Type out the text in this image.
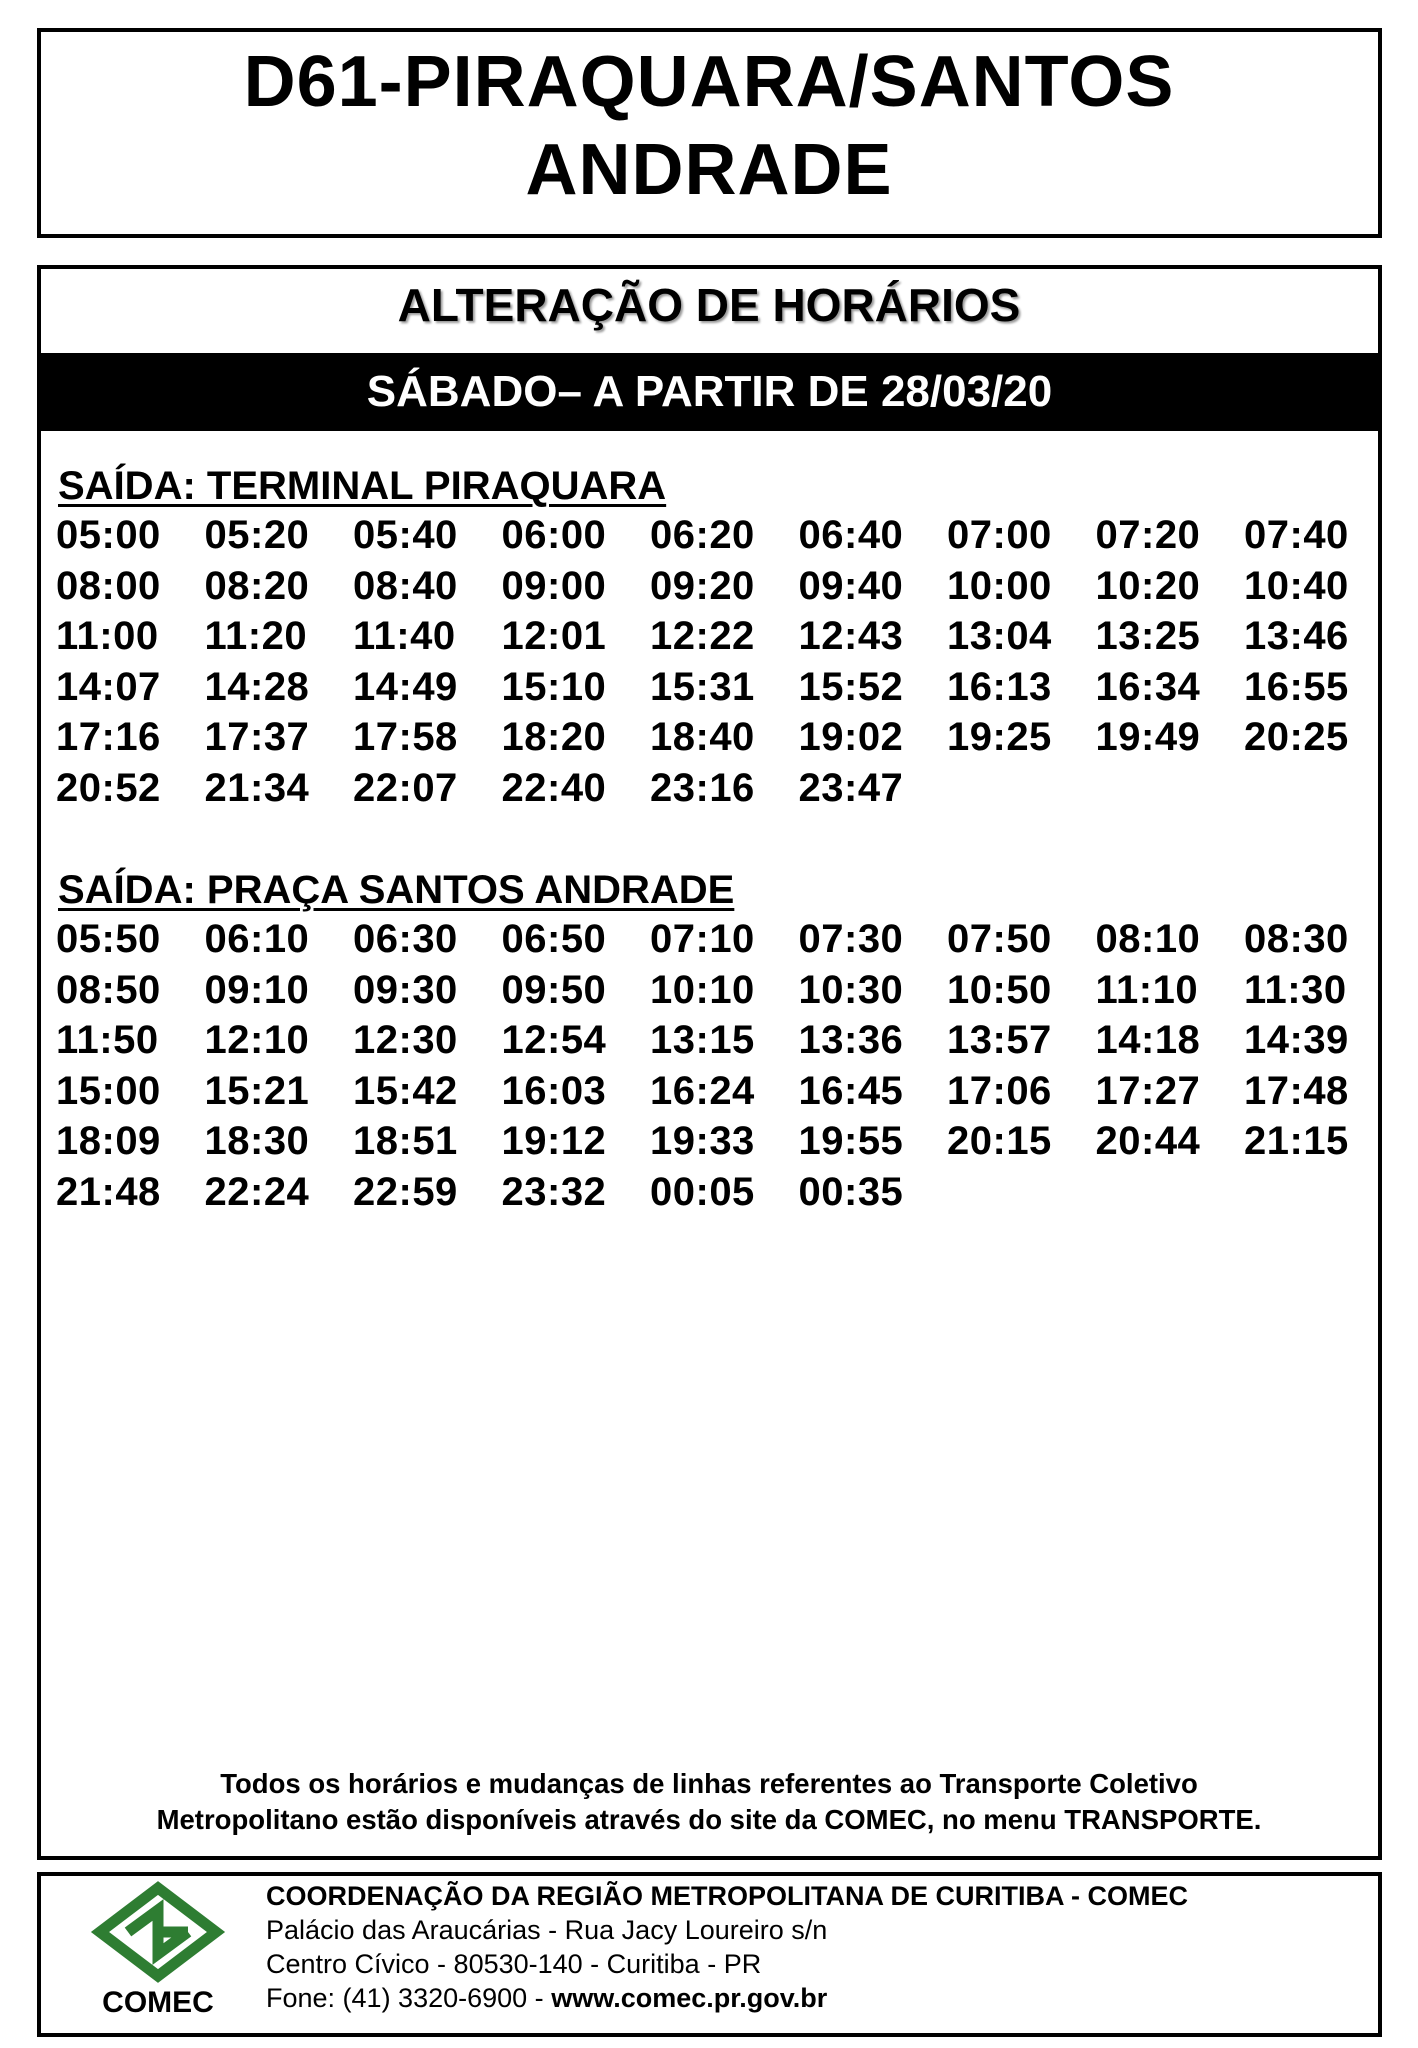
D61-PIRAQUARA/SANTOS
ANDRADE
ALTERAÇÃO DE HORÁRIOS
SÁBADO– A PARTIR DE 28/03/20
SAÍDA: TERMINAL PIRAQUARA
05:00	05:20	05:40	06:00	06:20	06:40	07:00	07:20	07:40
08:00	08:20	08:40	09:00	09:20	09:40	10:00	10:20	10:40
11:00	11:20	11:40	12:01	12:22	12:43	13:04	13:25	13:46
14:07	14:28	14:49	15:10	15:31	15:52	16:13	16:34	16:55
17:16	17:37	17:58	18:20	18:40	19:02	19:25	19:49	20:25
20:52	21:34	22:07	22:40	23:16	23:47
SAÍDA: PRAÇA SANTOS ANDRADE
05:50	06:10	06:30	06:50	07:10	07:30	07:50	08:10	08:30
08:50	09:10	09:30	09:50	10:10	10:30	10:50	11:10	11:30
11:50	12:10	12:30	12:54	13:15	13:36	13:57	14:18	14:39
15:00	15:21	15:42	16:03	16:24	16:45	17:06	17:27	17:48
18:09	18:30	18:51	19:12	19:33	19:55	20:15	20:44	21:15
21:48	22:24	22:59	23:32	00:05	00:35
Todos os horários e mudanças de linhas referentes ao Transporte Coletivo
Metropolitano estão disponíveis através do site da COMEC, no menu TRANSPORTE.
COMEC
COORDENAÇÃO DA REGIÃO METROPOLITANA DE CURITIBA - COMEC
Palácio das Araucárias - Rua Jacy Loureiro s/n
Centro Cívico - 80530-140 - Curitiba - PR
Fone: (41) 3320-6900 - www.comec.pr.gov.br
